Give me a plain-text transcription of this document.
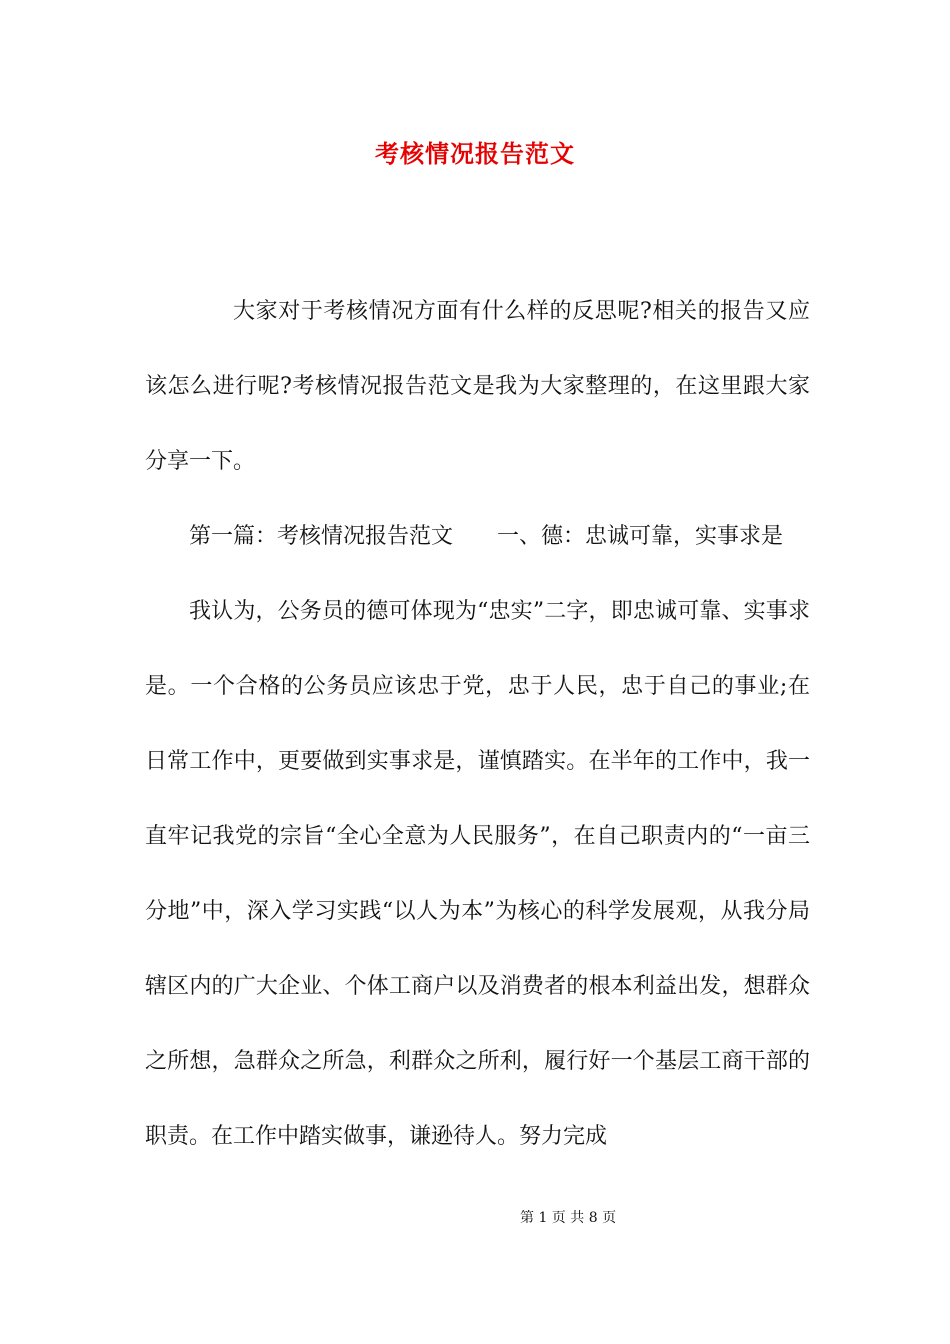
考核情况报告范文

大家对于考核情况方面有什么样的反思呢?相关的报告又应该怎么进行呢?考核情况报告范文是我为大家整理的，在这里跟大家分享一下。

第一篇：考核情况报告范文 一、德：忠诚可靠，实事求是

我认为，公务员的德可体现为“忠实”二字，即忠诚可靠、实事求是。一个合格的公务员应该忠于党，忠于人民，忠于自己的事业;在日常工作中，更要做到实事求是，谨慎踏实。在半年的工作中，我一直牢记我党的宗旨“全心全意为人民服务”，在自己职责内的“一亩三分地”中，深入学习实践“以人为本”为核心的科学发展观，从我分局辖区内的广大企业、个体工商户以及消费者的根本利益出发，想群众之所想，急群众之所急，利群众之所利，履行好一个基层工商干部的职责。在工作中踏实做事，谦逊待人。努力完成

第 1 页 共 8 页
